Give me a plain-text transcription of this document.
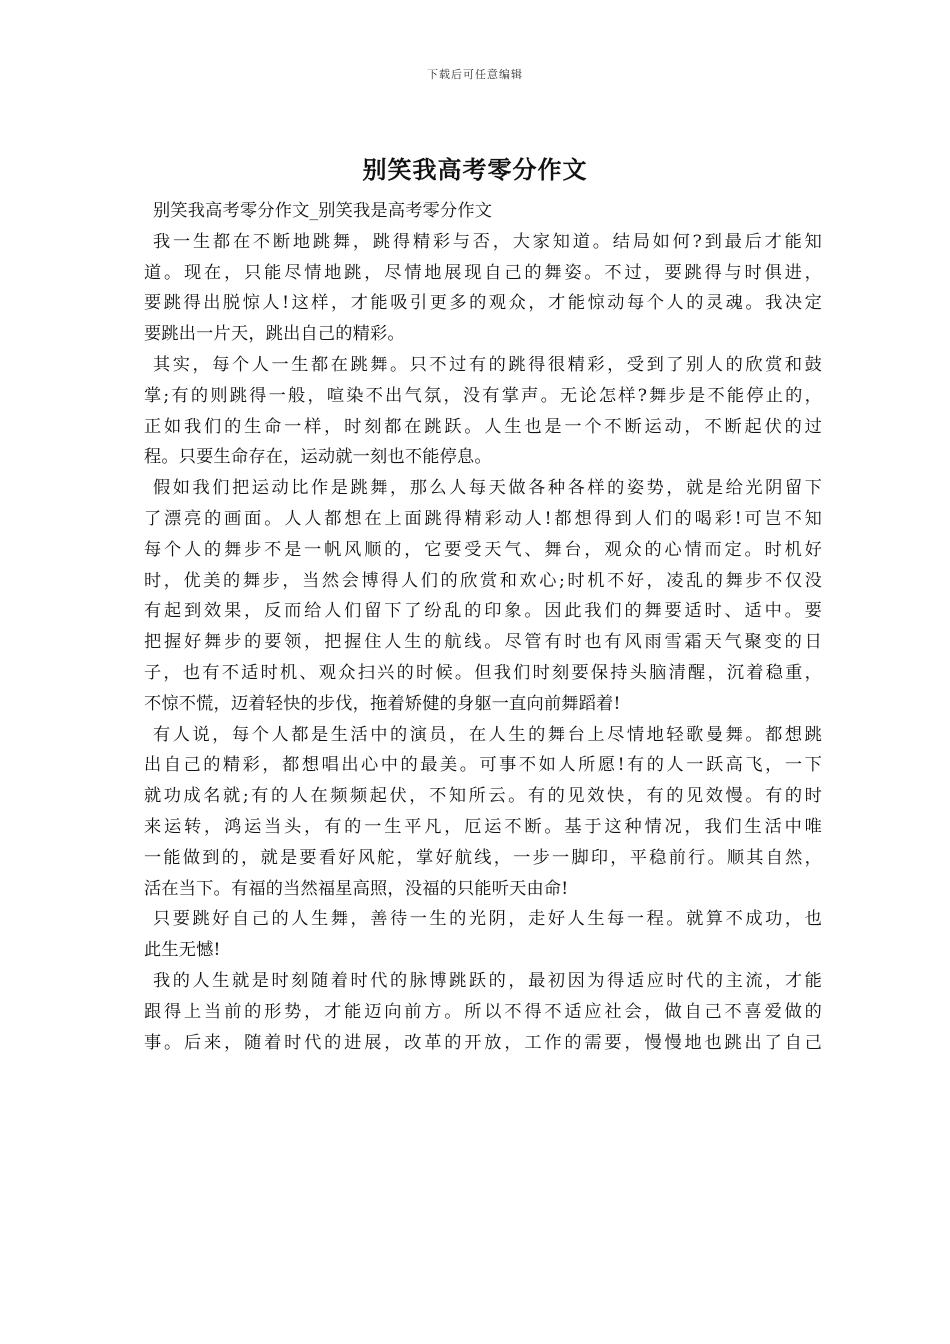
下载后可任意编辑
别笑我高考零分作文
别笑我高考零分作文_别笑我是高考零分作文
我一生都在不断地跳舞，跳得精彩与否，大家知道。结局如何?到最后才能知
道。现在，只能尽情地跳，尽情地展现自己的舞姿。不过，要跳得与时俱进，
要跳得出脱惊人!这样，才能吸引更多的观众，才能惊动每个人的灵魂。我决定
要跳出一片天，跳出自己的精彩。
其实，每个人一生都在跳舞。只不过有的跳得很精彩，受到了别人的欣赏和鼓
掌;有的则跳得一般，喧染不出气氛，没有掌声。无论怎样?舞步是不能停止的，
正如我们的生命一样，时刻都在跳跃。人生也是一个不断运动，不断起伏的过
程。只要生命存在，运动就一刻也不能停息。
假如我们把运动比作是跳舞，那么人每天做各种各样的姿势，就是给光阴留下
了漂亮的画面。人人都想在上面跳得精彩动人!都想得到人们的喝彩!可岂不知
每个人的舞步不是一帆风顺的，它要受天气、舞台，观众的心情而定。时机好
时，优美的舞步，当然会博得人们的欣赏和欢心;时机不好，凌乱的舞步不仅没
有起到效果，反而给人们留下了纷乱的印象。因此我们的舞要适时、适中。要
把握好舞步的要领，把握住人生的航线。尽管有时也有风雨雪霜天气聚变的日
子，也有不适时机、观众扫兴的时候。但我们时刻要保持头脑清醒，沉着稳重，
不惊不慌，迈着轻快的步伐，拖着矫健的身躯一直向前舞蹈着!
有人说，每个人都是生活中的演员，在人生的舞台上尽情地轻歌曼舞。都想跳
出自己的精彩，都想唱出心中的最美。可事不如人所愿!有的人一跃高飞，一下
就功成名就;有的人在频频起伏，不知所云。有的见效快，有的见效慢。有的时
来运转，鸿运当头，有的一生平凡，厄运不断。基于这种情况，我们生活中唯
一能做到的，就是要看好风舵，掌好航线，一步一脚印，平稳前行。顺其自然，
活在当下。有福的当然福星高照，没福的只能听天由命!
只要跳好自己的人生舞，善待一生的光阴，走好人生每一程。就算不成功，也
此生无憾!
我的人生就是时刻随着时代的脉博跳跃的，最初因为得适应时代的主流，才能
跟得上当前的形势，才能迈向前方。所以不得不适应社会，做自己不喜爱做的
事。后来，随着时代的进展，改革的开放，工作的需要，慢慢地也跳出了自己
